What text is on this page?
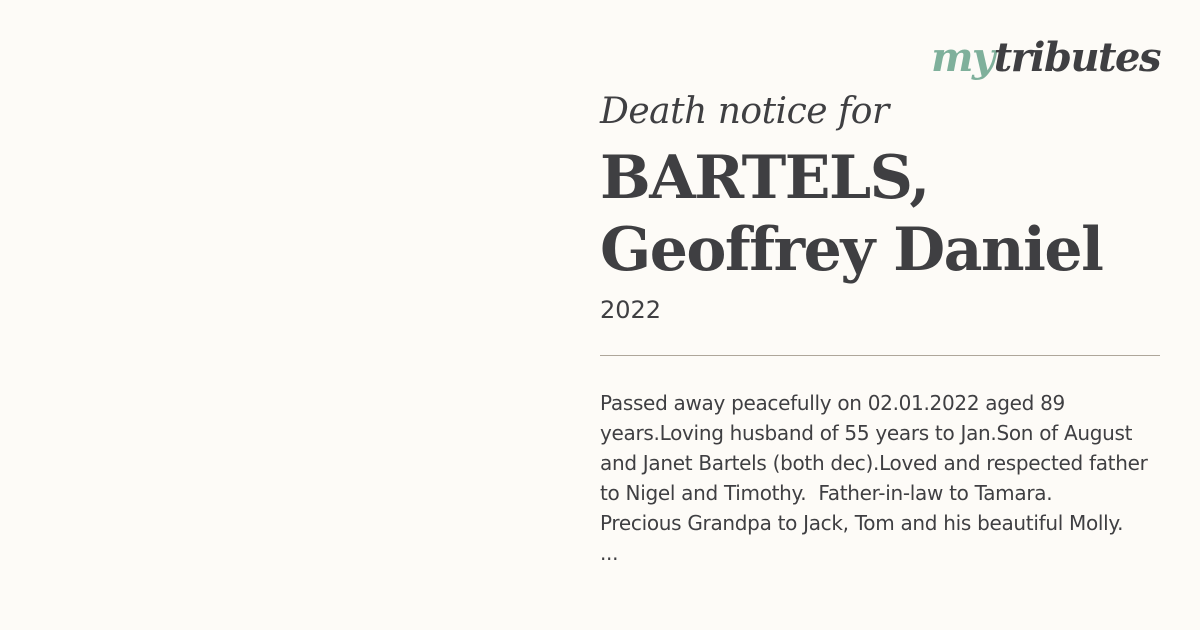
mytributes

Death notice for

BARTELS,
Geoffrey Daniel
2022

Passed away peacefully on 02.01.2022 aged 89
years.Loving husband of 55 years to Jan.Son of August
and Janet Bartels (both dec).Loved and respected father
to Nigel and Timothy.  Father-in-law to Tamara.
Precious Grandpa to Jack, Tom and his beautiful Molly.
...
